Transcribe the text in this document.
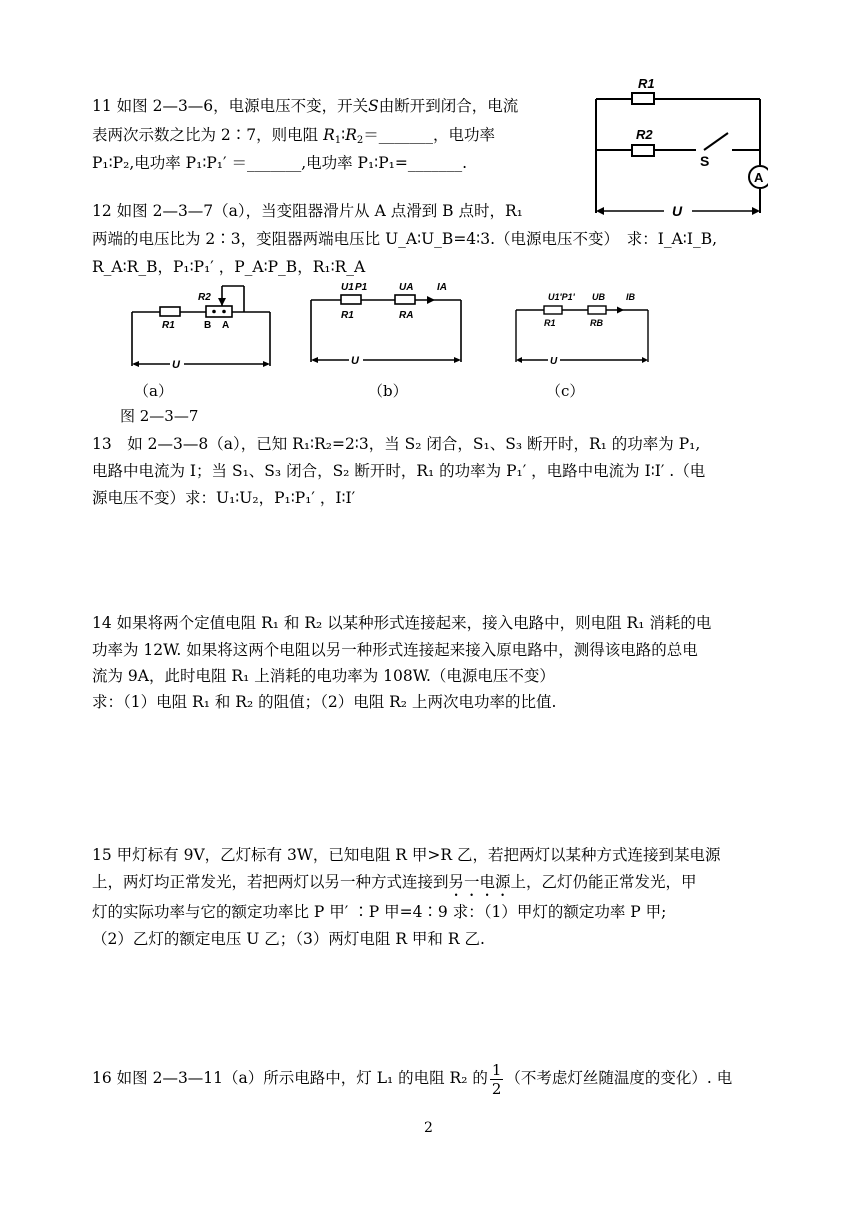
11 如图 2—3—6，电源电压不变，开关S由断开到闭合，电流
表两次示数之比为 2∶7，则电阻 $R_1∶R_2=\_\_\_\_\_\_\_$，电功率
P₁∶P₂,电功率 P₁∶P₁′ ＝_______,电功率 P₁∶P₁=_______.
A
R1
R2
S
U
12 如图 2—3—7（a），当变阻器滑片从 A 点滑到 B 点时，R₁
两端的电压比为 2∶3，变阻器两端电压比 U_A∶U_B=4∶3.（电源电压不变）　求：I_A∶I_B,
R_A∶R_B，P₁∶P₁′ ，P_A∶P_B，R₁∶R_A
R2
R1	B A
U
U1 P1	UA IA
R1	RA
U
U1'P1' UB IB
R1	RB
U
（a）	（b）	（c）
图 2—3—7
13　如 2—3—8（a），已知 R₁∶R₂=2∶3，当 S₂ 闭合，S₁、S₃ 断开时，R₁ 的功率为 P₁,
电路中电流为 I；当 S₁、S₃ 闭合，S₂ 断开时，R₁ 的功率为 P₁′ ，电路中电流为 I∶I′ .（电
源电压不变）求：U₁∶U₂，P₁∶P₁′ ，I∶I′
14 如果将两个定值电阻 R₁ 和 R₂ 以某种形式连接起来，接入电路中，则电阻 R₁ 消耗的电
功率为 12W. 如果将这两个电阻以另一种形式连接起来接入原电路中，测得该电路的总电
流为 9A，此时电阻 R₁ 上消耗的电功率为 108W.（电源电压不变）
求：（1）电阻 R₁ 和 R₂ 的阻值；（2）电阻 R₂ 上两次电功率的比值.
15 甲灯标有 9V，乙灯标有 3W，已知电阻 R 甲>R 乙，若把两灯以某种方式连接到某电源
上，两灯均正常发光，若把两灯以另一种方式连接到另一电源上，乙灯仍能正常发光，甲
灯的实际功率与它的额定功率比 P 甲′ ∶P 甲=4∶9 求：（1）甲灯的额定功率 P 甲;
（2）乙灯的额定电压 U 乙；（3）两灯电阻 R 甲和 R 乙.
16 如图 2—3—11（a）所示电路中，灯 L₁ 的电阻 R₂ 的 $\frac{1}{2}$ （不考虑灯丝随温度的变化）. 电
2
